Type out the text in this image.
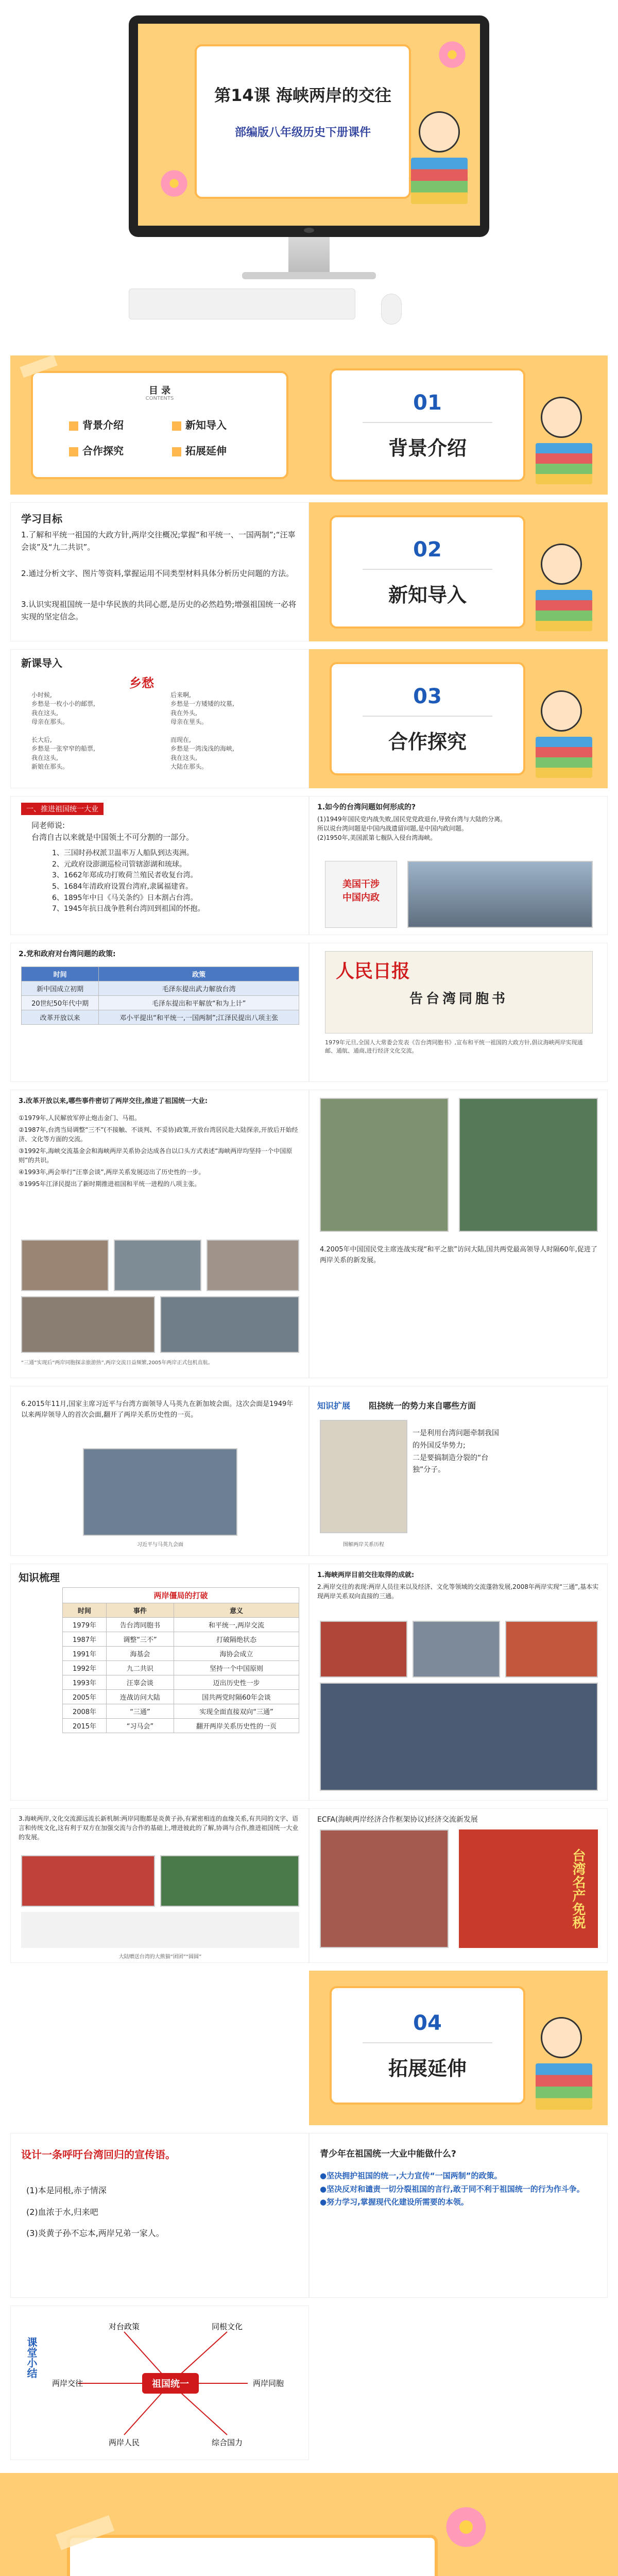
第14课 海峡两岸的交往
部编版八年级历史下册课件
目 录
CONTENTS
背景介绍	新知导入
合作探究	拓展延伸
01
背景介绍
学习目标
1.了解和平统一祖国的大政方针,两岸交往概况;掌握“和平统一、一国两制”;“汪辜会谈”及“九二共识”。
2.通过分析文字、图片等资料,掌握运用不同类型材料具体分析历史问题的方法。
3.认识实现祖国统一是中华民族的共同心愿,是历史的必然趋势;增强祖国统一必将实现的坚定信念。
02
新知导入
新课导入
乡愁
小时候,
乡愁是一枚小小的邮票,
我在这头,
母亲在那头。

长大后,
乡愁是一张窄窄的船票,
我在这头,
新娘在那头。
后来啊,
乡愁是一方矮矮的坟墓,
我在外头,
母亲在里头。

而现在,
乡愁是一湾浅浅的海峡,
我在这头,
大陆在那头。
03
合作探究
一、推进祖国统一大业
同老师说:
台湾自古以来就是中国领土不可分割的一部分。
1、三国时孙权派卫温率万人船队到达夷洲。
2、元政府设澎湖巡检司管辖澎湖和琉球。
3、1662年郑成功打败荷兰殖民者收复台湾。
5、1684年清政府设置台湾府,隶属福建省。
6、1895年中日《马关条约》日本割占台湾。
7、1945年抗日战争胜利台湾回到祖国的怀抱。
1.如今的台湾问题如何形成的?
(1)1949年国民党内战失败,国民党党政退台,导致台湾与大陆的分离。
所以说台湾问题是中国内战遗留问题,是中国内政问题。
(2)1950年,美国派第七舰队入侵台湾海峡。
美国干涉
中国内政
2.党和政府对台湾问题的政策:
时间	政策
新中国成立初期	毛泽东提出武力解放台湾
20世纪50年代中期	毛泽东提出和平解放“和为上计”
改革开放以来	邓小平提出“和平统一,一国两制”;江泽民提出八项主张
人民日报
告台湾同胞书
1979年元旦,全国人大常委会发表《告台湾同胞书》,宣布和平统一祖国的大政方针,倡议海峡两岸实现通邮、通航、通商,进行经济文化交流。
3.改革开放以来,哪些事件密切了两岸交往,推进了祖国统一大业:
①1979年,人民解放军停止炮击金门、马祖。
②1987年,台湾当局调整“三不”(不接触、不谈判、不妥协)政策,开放台湾居民赴大陆探亲,开放后开始经济、文化等方面的交流。
③1992年,海峡交流基金会和海峡两岸关系协会达成各自以口头方式表述“海峡两岸均坚持一个中国原则”的共识。
④1993年,两会举行“汪辜会谈”,两岸关系发展迈出了历史性的一步。
⑤1995年江泽民提出了新时期推进祖国和平统一进程的八项主张。
“三通”实现后“两岸同胞探亲旅游热”,两岸交流日益频繁,2005年两岸正式包机直航。
4.2005年中国国民党主席连战实现“和平之旅”访问大陆,国共两党最高领导人时隔60年,促进了两岸关系的新发展。
6.2015年11月,国家主席习近平与台湾方面领导人马英九在新加坡会面。这次会面是1949年以来两岸领导人的首次会面,翻开了两岸关系历史性的一页。
习近平与马英九会面
知识扩展 阻挠统一的势力来自哪些方面
一是利用台湾问题牵制我国的外国反华势力;
二是要搞制造分裂的“台独”分子。
图解两岸关系历程
知识梳理
两岸僵局的打破		
时间	事件	意义
1979年	告台湾同胞书	和平统一,两岸交流
1987年	调整“三不”	打破隔绝状态
1991年	海基会	海协会成立
1992年	九二共识	坚持一个中国原则
1993年	汪辜会谈	迈出历史性一步
2005年	连战访问大陆	国共两党时隔60年会谈
2008年	“三通”	实现全面直接双向“三通”
2015年	“习马会”	翻开两岸关系历史性的一页
1.海峡两岸目前交往取得的成就:
2.两岸交往的表现:两岸人员往来以及经济、文化等领域的交流蓬勃发展,2008年两岸实现“三通”,基本实现两岸关系双向直接的三通。
ECFA(海峡两岸经济合作框架协议)经济交流新发展
台湾名产免税
3.海峡两岸,文化交流源远流长新机制:两岸同胞都是炎黄子孙,有紧密相连的血缘关系,有共同的文字、语言和传统文化,这有利于双方在加强交流与合作的基础上,增进彼此的了解,协调与合作,推进祖国统一大业的发展。
大陆赠送台湾的大熊猫“团团”“圆圆”
04
拓展延伸
设计一条呼吁台湾回归的宣传语。
(1)本是同根,赤子情深
(2)血浓于水,归来吧
(3)炎黄子孙不忘本,两岸兄弟一家人。
青少年在祖国统一大业中能做什么?
●坚决拥护祖国的统一,大力宣传“一国两制”的政策。
●坚决反对和谴责一切分裂祖国的言行,敢于同不利于祖国统一的行为作斗争。
●努力学习,掌握现代化建设所需要的本领。
课堂小结
祖国统一
对台政策	同根文化
两岸交往	两岸同胞
两岸人民	综合国力
